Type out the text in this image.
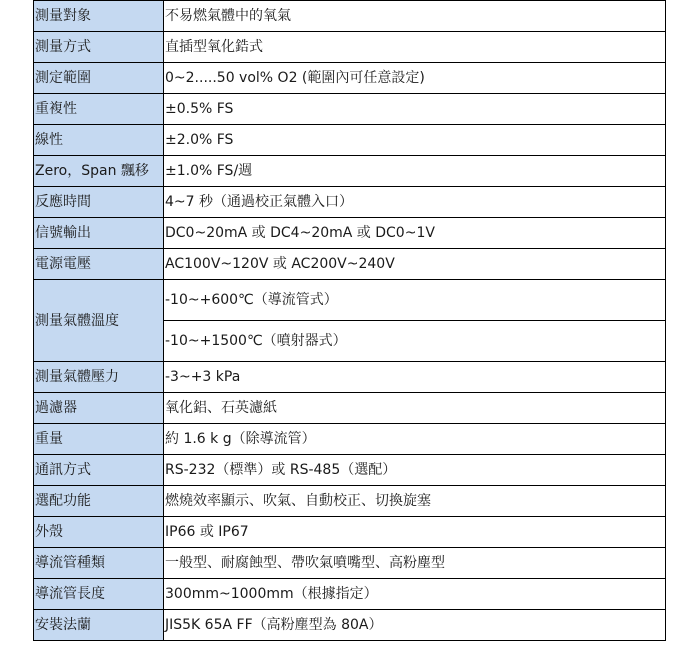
測量對象	不易燃氣體中的氧氣
測量方式	直插型氧化鋯式
測定範圍	0~2.....50 vol% O2 (範圍內可任意設定)
重複性	±0.5% FS
線性	±2.0% FS
Zero，Span 飄移	±1.0% FS/週
反應時間	4~7 秒（通過校正氣體入口）
信號輸出	DC0~20mA 或 DC4~20mA 或 DC0~1V
電源電壓	AC100V~120V 或 AC200V~240V
測量氣體溫度	-10~+600℃（導流管式）
	-10~+1500℃（噴射器式）
測量氣體壓力	-3~+3 kPa
過濾器	氧化鋁、石英濾紙
重量	約 1.6 k g（除導流管）
通訊方式	RS-232（標準）或 RS-485（選配）
選配功能	燃燒效率顯示、吹氣、自動校正、切換旋塞
外殼	IP66 或 IP67
導流管種類	一般型、耐腐蝕型、帶吹氣噴嘴型、高粉塵型
導流管長度	300mm~1000mm（根據指定）
安裝法蘭	JIS5K 65A FF（高粉塵型為 80A）
